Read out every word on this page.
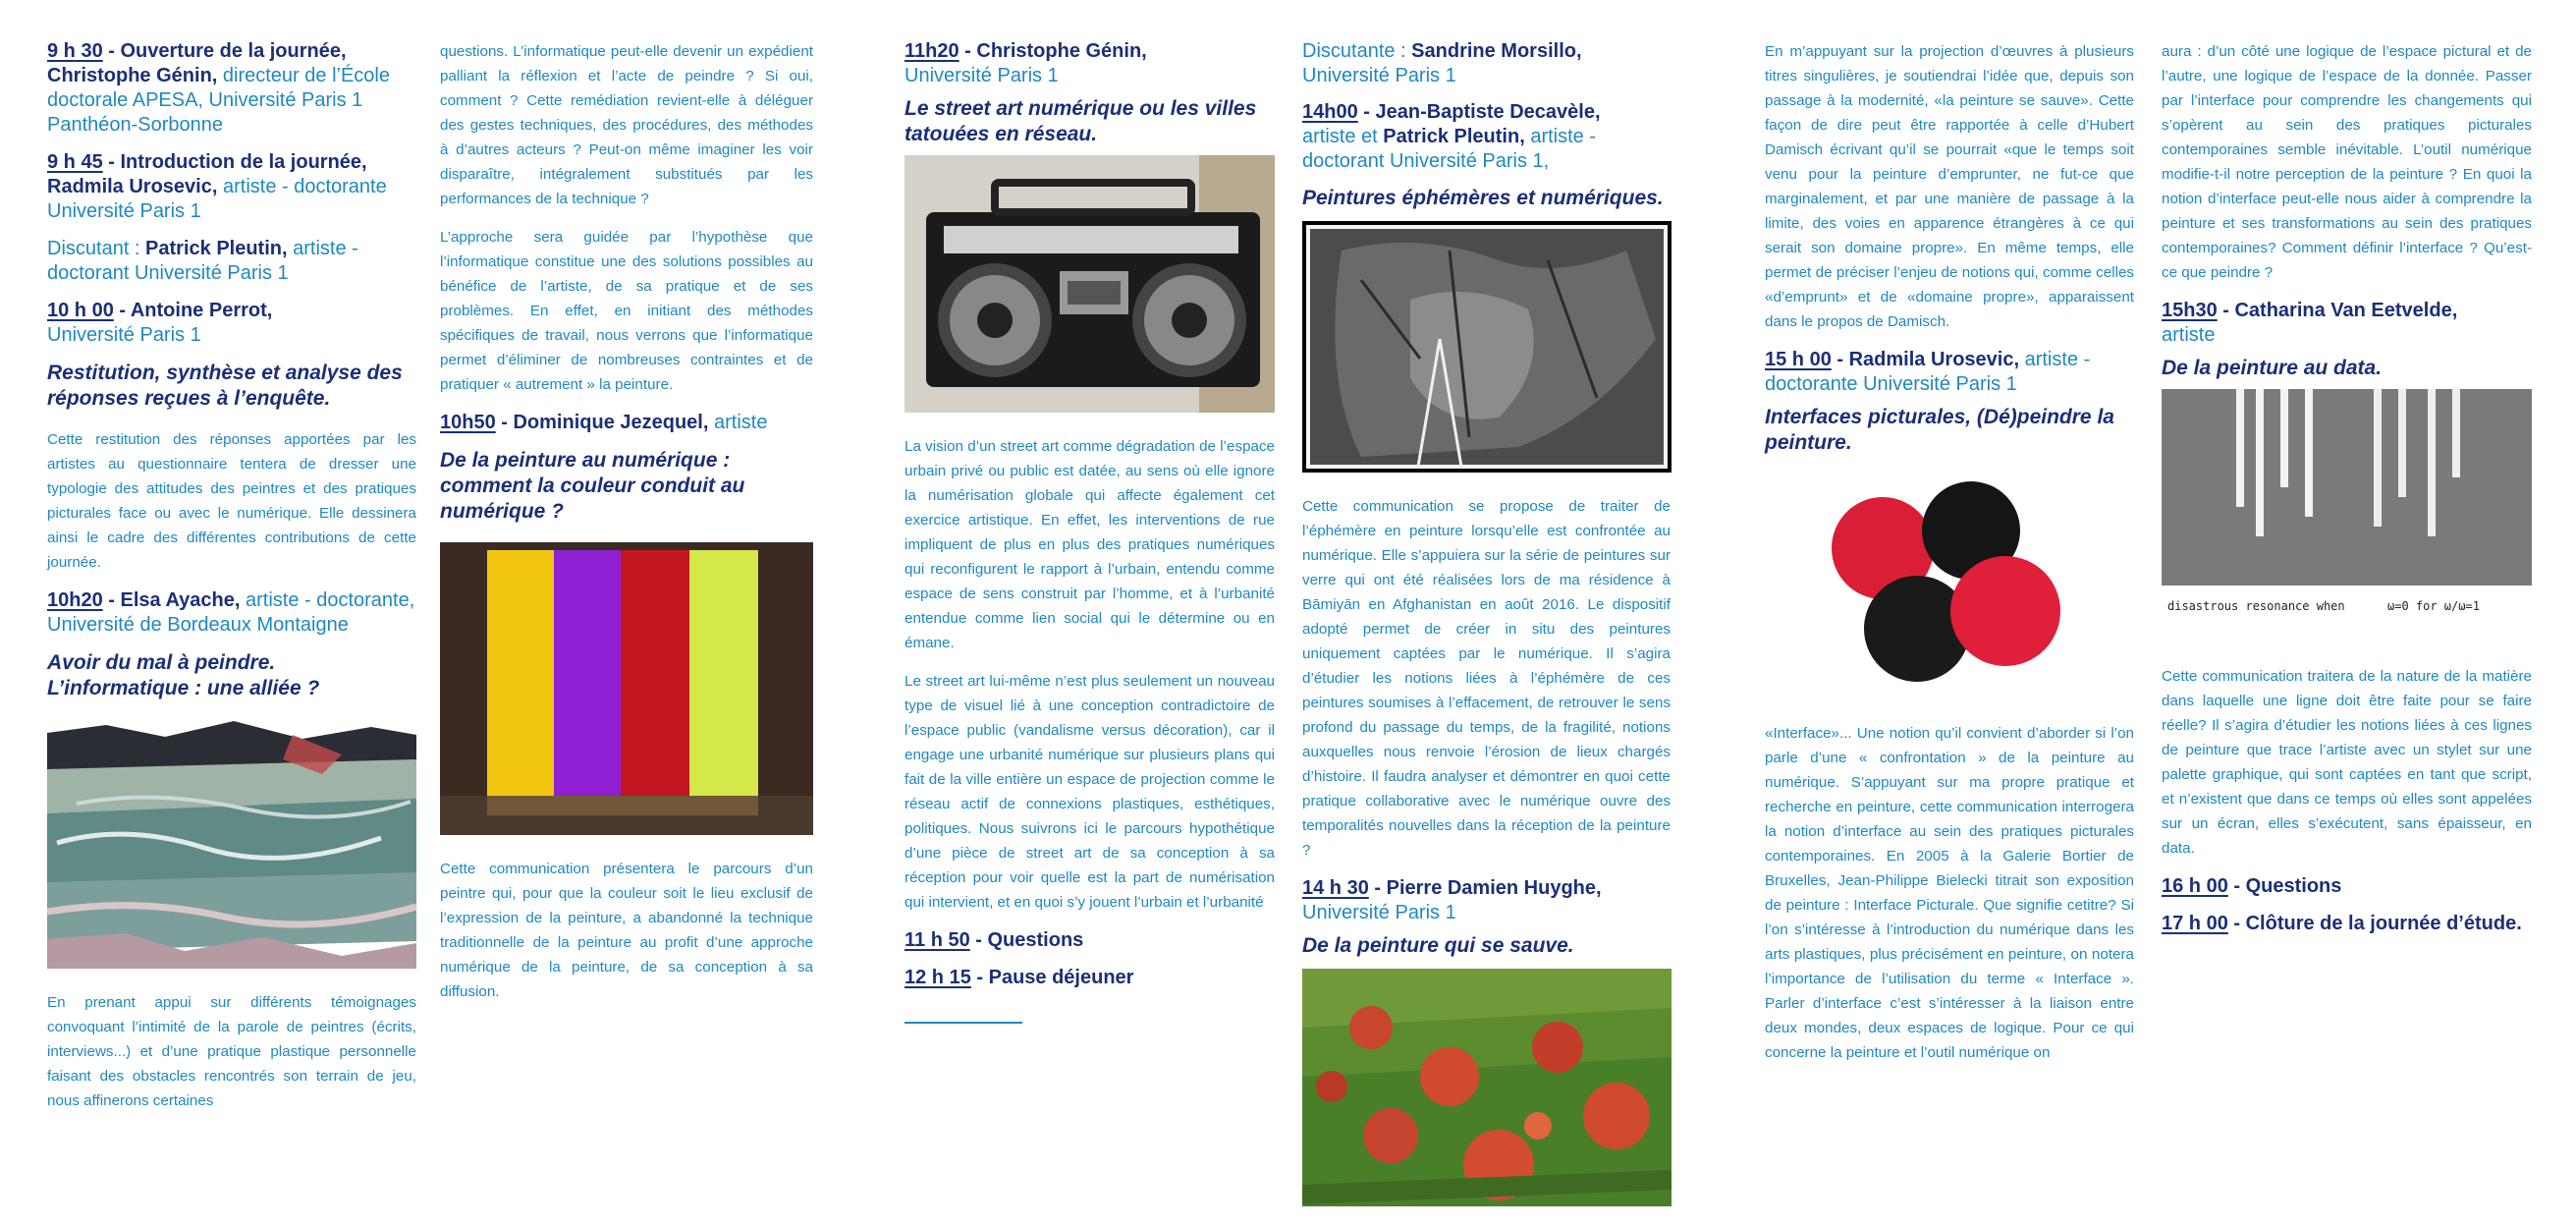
9 h 30 - Ouverture de la journée,
Christophe Génin, directeur de l’École doctorale APESA, Université Paris 1 Panthéon-Sorbonne
9 h 45 - Introduction de la journée,
Radmila Urosevic, artiste - doctorante Université Paris 1
Discutant : Patrick Pleutin, artiste - doctorant Université Paris 1
10 h 00 - Antoine Perrot,
Université Paris 1
Restitution, synthèse et analyse des réponses reçues à l’enquête.
Cette restitution des réponses apportées par les artistes au questionnaire tentera de dresser une typologie des attitudes des peintres et des pratiques picturales face ou avec le numérique. Elle dessinera ainsi le cadre des différentes contributions de cette journée.
10h20 - Elsa Ayache, artiste - doctorante, Université de Bordeaux Montaigne
Avoir du mal à peindre. L’informatique : une alliée ?
En prenant appui sur différents témoignages convoquant l’intimité de la parole de peintres (écrits, interviews...) et d’une pratique plastique personnelle faisant des obstacles rencontrés son terrain de jeu, nous affinerons certaines
questions. L’informatique peut-elle devenir un expédient palliant la réflexion et l’acte de peindre ? Si oui, comment ? Cette remédiation revient-elle à déléguer des gestes techniques, des procédures, des méthodes à d’autres acteurs ? Peut-on même imaginer les voir disparaître, intégralement substitués par les performances de la technique ?
L’approche sera guidée par l’hypothèse que l’informatique constitue une des solutions possibles au bénéfice de l’artiste, de sa pratique et de ses problèmes. En effet, en initiant des méthodes spécifiques de travail, nous verrons que l’informatique permet d’éliminer de nombreuses contraintes et de pratiquer « autrement » la peinture.
10h50 - Dominique Jezequel, artiste
De la peinture au numérique : comment la couleur conduit au numérique ?
Cette communication présentera le parcours d’un peintre qui, pour que la couleur soit le lieu exclusif de l’expression de la peinture, a abandonné la technique traditionnelle de la peinture au profit d’une approche numérique de la peinture, de sa conception à sa diffusion.
11h20 - Christophe Génin,
Université Paris 1
Le street art numérique ou les villes tatouées en réseau.
La vision d’un street art comme dégradation de l’espace urbain privé ou public est datée, au sens où elle ignore la numérisation globale qui affecte également cet exercice artistique. En effet, les interventions de rue impliquent de plus en plus des pratiques numériques qui reconfigurent le rapport à l’urbain, entendu comme espace de sens construit par l’homme, et à l’urbanité entendue comme lien social qui le détermine ou en émane.
Le street art lui-même n’est plus seulement un nouveau type de visuel lié à une conception contradictoire de l’espace public (vandalisme versus décoration), car il engage une urbanité numérique sur plusieurs plans qui fait de la ville entière un espace de projection comme le réseau actif de connexions plastiques, esthétiques, politiques. Nous suivrons ici le parcours hypothétique d’une pièce de street art de sa conception à sa réception pour voir quelle est la part de numérisation qui intervient, et en quoi s’y jouent l’urbain et l’urbanité
11 h 50 - Questions
12 h 15 - Pause déjeuner
Discutante : Sandrine Morsillo,
Université Paris 1
14h00 - Jean-Baptiste Decavèle,
artiste et Patrick Pleutin, artiste - doctorant Université Paris 1,
Peintures éphémères et numériques.
Cette communication se propose de traiter de l’éphémère en peinture lorsqu’elle est confrontée au numérique. Elle s’appuiera sur la série de peintures sur verre qui ont été réalisées lors de ma résidence à Bāmiyān en Afghanistan en août 2016. Le dispositif adopté permet de créer in situ des peintures uniquement captées par le numérique. Il s’agira d’étudier les notions liées à l’éphémère de ces peintures soumises à l’effacement, de retrouver le sens profond du passage du temps, de la fragilité, notions auxquelles nous renvoie l’érosion de lieux chargés d’histoire. Il faudra analyser et démontrer en quoi cette pratique collaborative avec le numérique ouvre des temporalités nouvelles dans la réception de la peinture ?
14 h 30 - Pierre Damien Huyghe,
Université Paris 1
De la peinture qui se sauve.
En m’appuyant sur la projection d’œuvres à plusieurs titres singulières, je soutiendrai l’idée que, depuis son passage à la modernité, «la peinture se sauve». Cette façon de dire peut être rapportée à celle d’Hubert Damisch écrivant qu’il se pourrait «que le temps soit venu pour la peinture d’emprunter, ne fut-ce que marginalement, et par une manière de passage à la limite, des voies en apparence étrangères à ce qui serait son domaine propre». En même temps, elle permet de préciser l’enjeu de notions qui, comme celles «d’emprunt» et de «domaine propre», apparaissent dans le propos de Damisch.
15 h 00 - Radmila Urosevic, artiste - doctorante Université Paris 1
Interfaces picturales, (Dé)peindre la peinture.
«Interface»... Une notion qu’il convient d’aborder si l’on parle d’une « confrontation » de la peinture au numérique. S’appuyant sur ma propre pratique et recherche en peinture, cette communication interrogera la notion d’interface au sein des pratiques picturales contemporaines. En 2005 à la Galerie Bortier de Bruxelles, Jean-Philippe Bielecki titrait son exposition de peinture : Interface Picturale. Que signifie cetitre? Si l’on s’intéresse à l’introduction du numérique dans les arts plastiques, plus précisément en peinture, on notera l’importance de l’utilisation du terme « Interface ». Parler d’interface c’est s’intéresser à la liaison entre deux mondes, deux espaces de logique. Pour ce qui concerne la peinture et l’outil numérique on
aura : d’un côté une logique de l’espace pictural et de l’autre, une logique de l’espace de la donnée. Passer par l’interface pour comprendre les changements qui s’opèrent au sein des pratiques picturales contemporaines semble inévitable. L’outil numérique modifie-t-il notre perception de la peinture ? En quoi la notion d’interface peut-elle nous aider à comprendre la peinture et ses transformations au sein des pratiques contemporaines? Comment définir l’interface ? Qu’est-ce que peindre ?
15h30 - Catharina Van Eetvelde,
artiste
De la peinture au data.
disastrous resonance when	ω=0 for ω/ω=1
Cette communication traitera de la nature de la matière dans laquelle une ligne doit être faite pour se faire réelle? Il s’agira d’étudier les notions liées à ces lignes de peinture que trace l’artiste avec un stylet sur une palette graphique, qui sont captées en tant que script, et n’existent que dans ce temps où elles sont appelées sur un écran, elles s’exécutent, sans épaisseur, en data.
16 h 00 - Questions
17 h 00 - Clôture de la journée d’étude.
